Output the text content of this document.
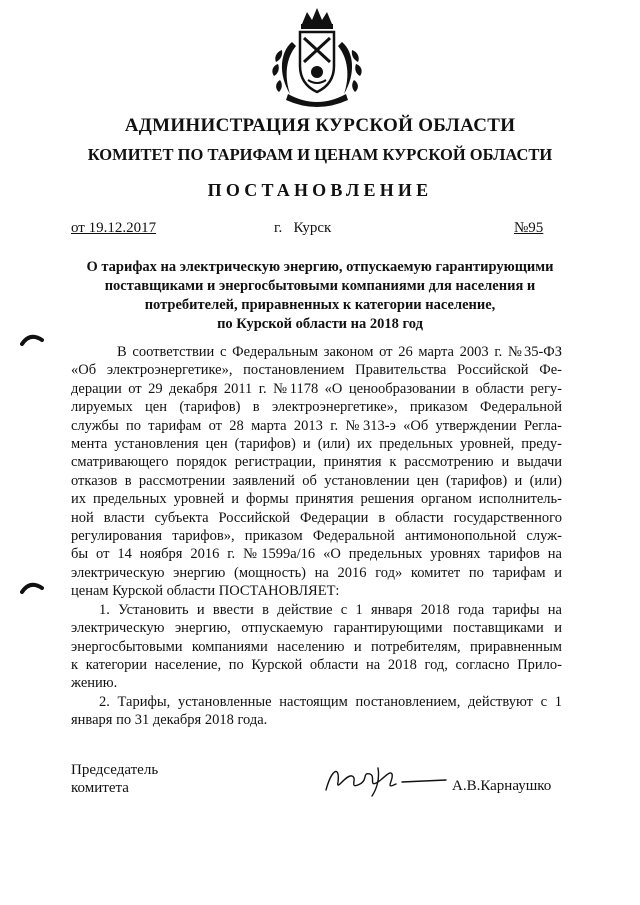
АДМИНИСТРАЦИЯ КУРСКОЙ ОБЛАСТИ
КОМИТЕТ ПО ТАРИФАМ И ЦЕНАМ КУРСКОЙ ОБЛАСТИ
ПОСТАНОВЛЕНИЕ
от 19.12.2017	г.   Курск	№95
О тарифах на электрическую энергию, отпускаемую гарантирующими
поставщиками и энергосбытовыми компаниями для населения и
потребителей, приравненных к категории население,
по Курской области на 2018 год
В соответствии с Федеральным законом от 26 марта 2003 г. №35-ФЗ
«Об электроэнергетике», постановлением Правительства Российской Фе-
дерации от 29 декабря 2011 г. №1178 «О ценообразовании в области регу-
лируемых цен (тарифов) в электроэнергетике», приказом Федеральной
службы по тарифам от 28 марта 2013 г. №313-э «Об утверждении Регла-
мента установления цен (тарифов) и (или) их предельных уровней, преду-
сматривающего порядок регистрации, принятия к рассмотрению и выдачи
отказов в рассмотрении заявлений об установлении цен (тарифов) и (или)
их предельных уровней и формы принятия решения органом исполнитель-
ной власти субъекта Российской Федерации в области государственного
регулирования тарифов», приказом Федеральной антимонопольной служ-
бы от 14 ноября 2016 г. №1599а/16 «О предельных уровнях тарифов на
электрическую энергию (мощность) на 2016 год» комитет по тарифам и
ценам Курской области ПОСТАНОВЛЯЕТ:
1. Установить и ввести в действие с 1 января 2018 года тарифы на
электрическую энергию, отпускаемую гарантирующими поставщиками и
энергосбытовыми компаниями населению и потребителям, приравненным
к категории население, по Курской области на 2018 год, согласно Прило-
жению.
2. Тарифы, установленные настоящим постановлением, действуют с 1
января по 31 декабря 2018 года.
Председатель
комитета	А.В.Карнаушко
